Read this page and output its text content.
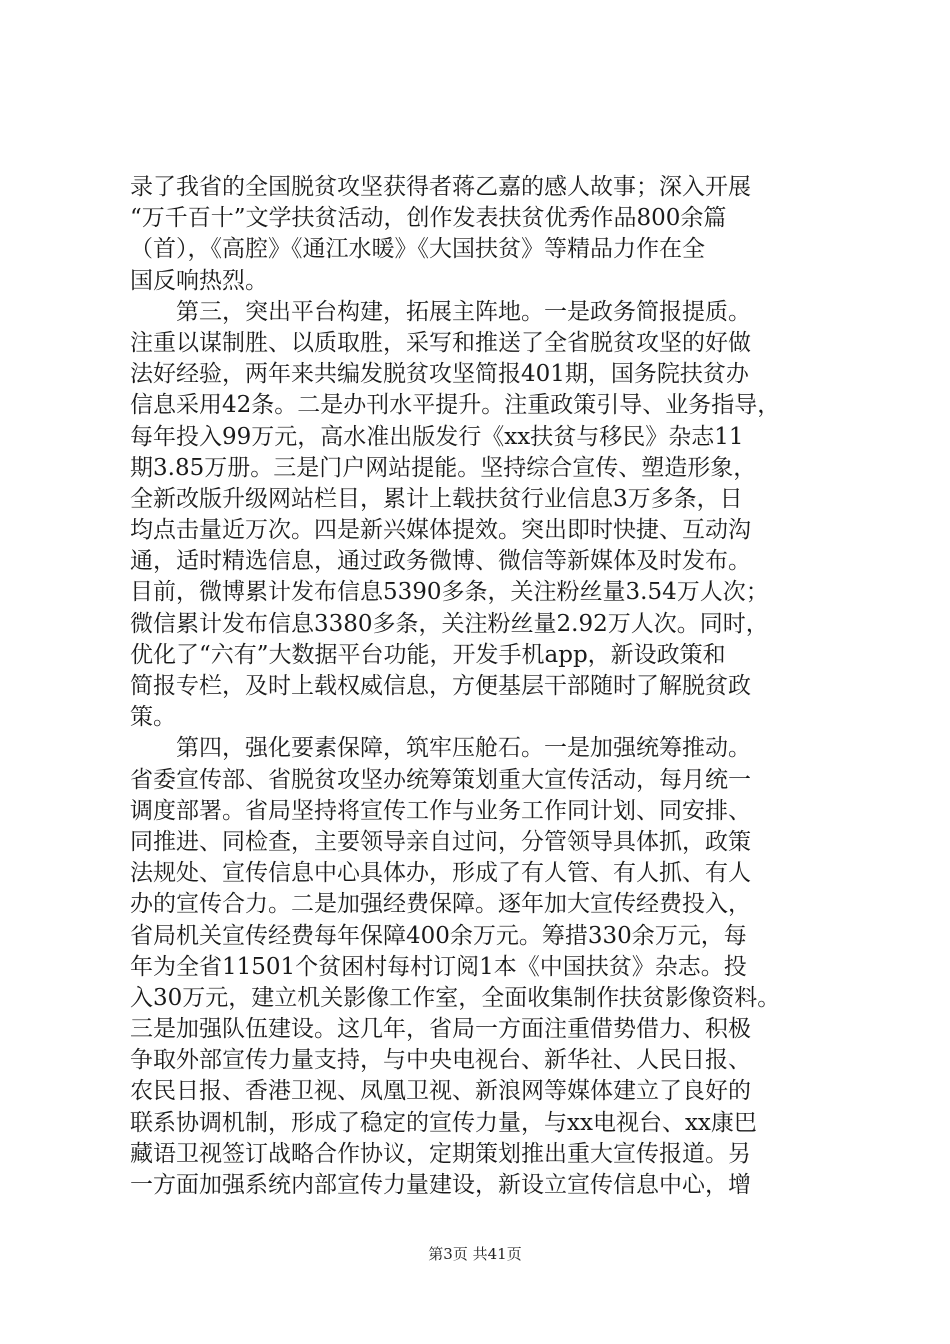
录了我省的全国脱贫攻坚获得者蒋乙嘉的感人故事；深入开展
“万千百十”文学扶贫活动，创作发表扶贫优秀作品800余篇
（首），《高腔》《通江水暖》《大国扶贫》等精品力作在全
国反响热烈。
　　第三，突出平台构建，拓展主阵地。一是政务简报提质。
注重以谋制胜、以质取胜，采写和推送了全省脱贫攻坚的好做
法好经验，两年来共编发脱贫攻坚简报401期，国务院扶贫办
信息采用42条。二是办刊水平提升。注重政策引导、业务指导，
每年投入99万元，高水准出版发行《xx扶贫与移民》杂志11
期3.85万册。三是门户网站提能。坚持综合宣传、塑造形象，
全新改版升级网站栏目，累计上载扶贫行业信息3万多条，日
均点击量近万次。四是新兴媒体提效。突出即时快捷、互动沟
通，适时精选信息，通过政务微博、微信等新媒体及时发布。
目前，微博累计发布信息5390多条，关注粉丝量3.54万人次；
微信累计发布信息3380多条，关注粉丝量2.92万人次。同时，
优化了“六有”大数据平台功能，开发手机app，新设政策和
简报专栏，及时上载权威信息，方便基层干部随时了解脱贫政
策。
　　第四，强化要素保障，筑牢压舱石。一是加强统筹推动。
省委宣传部、省脱贫攻坚办统筹策划重大宣传活动，每月统一
调度部署。省局坚持将宣传工作与业务工作同计划、同安排、
同推进、同检查，主要领导亲自过问，分管领导具体抓，政策
法规处、宣传信息中心具体办，形成了有人管、有人抓、有人
办的宣传合力。二是加强经费保障。逐年加大宣传经费投入，
省局机关宣传经费每年保障400余万元。筹措330余万元，每
年为全省11501个贫困村每村订阅1本《中国扶贫》杂志。投
入30万元，建立机关影像工作室，全面收集制作扶贫影像资料。
三是加强队伍建设。这几年，省局一方面注重借势借力、积极
争取外部宣传力量支持，与中央电视台、新华社、人民日报、
农民日报、香港卫视、凤凰卫视、新浪网等媒体建立了良好的
联系协调机制，形成了稳定的宣传力量，与xx电视台、xx康巴
藏语卫视签订战略合作协议，定期策划推出重大宣传报道。另
一方面加强系统内部宣传力量建设，新设立宣传信息中心，增
第3页 共41页
